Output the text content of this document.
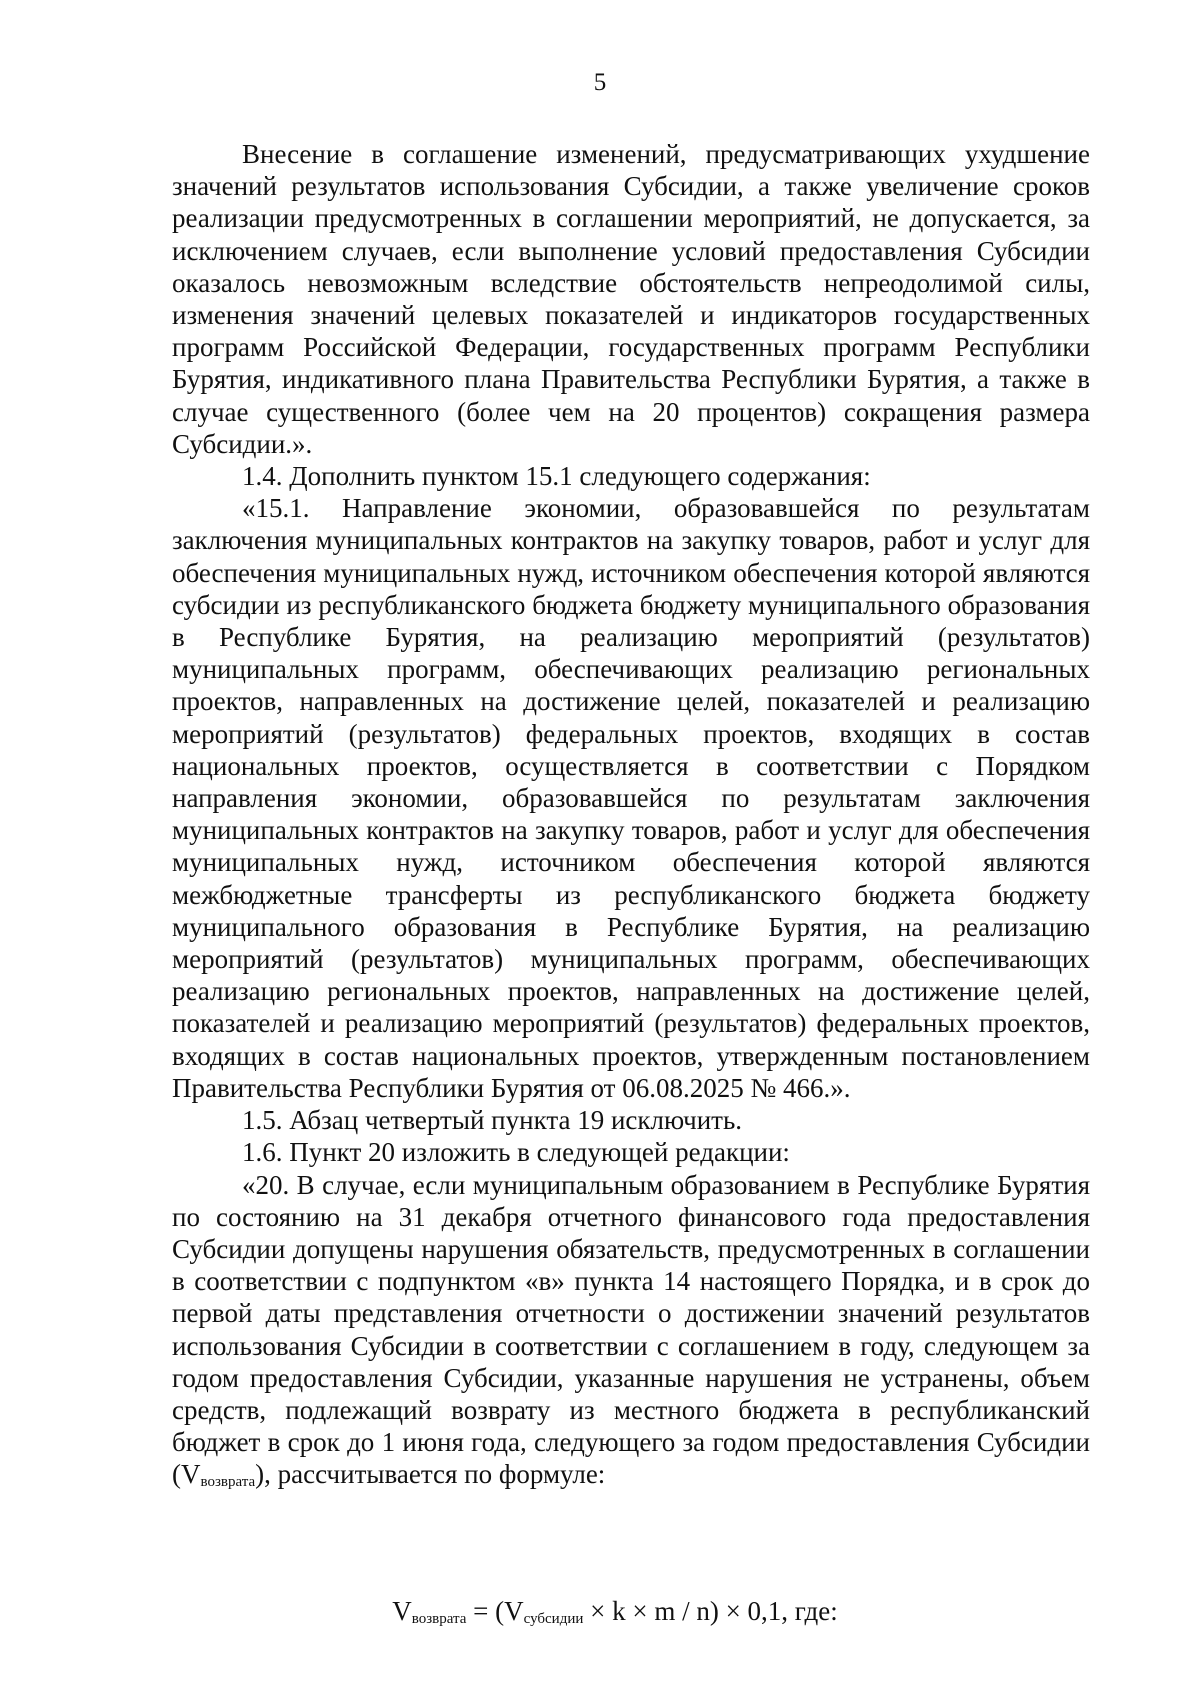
5

Внесение в соглашение изменений, предусматривающих ухудшение значений результатов использования Субсидии, а также увеличение сроков реализации предусмотренных в соглашении мероприятий, не допускается, за исключением случаев, если выполнение условий предоставления Субсидии оказалось невозможным вследствие обстоятельств непреодолимой силы, изменения значений целевых показателей и индикаторов государственных программ Российской Федерации, государственных программ Республики Бурятия, индикативного плана Правительства Республики Бурятия, а также в случае существенного (более чем на 20 процентов) сокращения размера Субсидии.».

1.4. Дополнить пунктом 15.1 следующего содержания:

«15.1. Направление экономии, образовавшейся по результатам заключения муниципальных контрактов на закупку товаров, работ и услуг для обеспечения муниципальных нужд, источником обеспечения которой являются субсидии из республиканского бюджета бюджету муниципального образования в Республике Бурятия, на реализацию мероприятий (результатов) муниципальных программ, обеспечивающих реализацию региональных проектов, направленных на достижение целей, показателей и реализацию мероприятий (результатов) федеральных проектов, входящих в состав национальных проектов, осуществляется в соответствии с Порядком направления экономии, образовавшейся по результатам заключения муниципальных контрактов на закупку товаров, работ и услуг для обеспечения муниципальных нужд, источником обеспечения которой являются межбюджетные трансферты из республиканского бюджета бюджету муниципального образования в Республике Бурятия, на реализацию мероприятий (результатов) муниципальных программ, обеспечивающих реализацию региональных проектов, направленных на достижение целей, показателей и реализацию мероприятий (результатов) федеральных проектов, входящих в состав национальных проектов, утвержденным постановлением Правительства Республики Бурятия от 06.08.2025 № 466.».

1.5. Абзац четвертый пункта 19 исключить.

1.6. Пункт 20 изложить в следующей редакции:

«20. В случае, если муниципальным образованием в Республике Бурятия по состоянию на 31 декабря отчетного финансового года предоставления Субсидии допущены нарушения обязательств, предусмотренных в соглашении в соответствии с подпунктом «в» пункта 14 настоящего Порядка, и в срок до первой даты представления отчетности о достижении значений результатов использования Субсидии в соответствии с соглашением в году, следующем за годом предоставления Субсидии, указанные нарушения не устранены, объем средств, подлежащий возврату из местного бюджета в республиканский бюджет в срок до 1 июня года, следующего за годом предоставления Субсидии (Vвозврата), рассчитывается по формуле:

$V_{возврата} = (V_{субсидии} \times k \times m / n) \times 0,1$, где:
